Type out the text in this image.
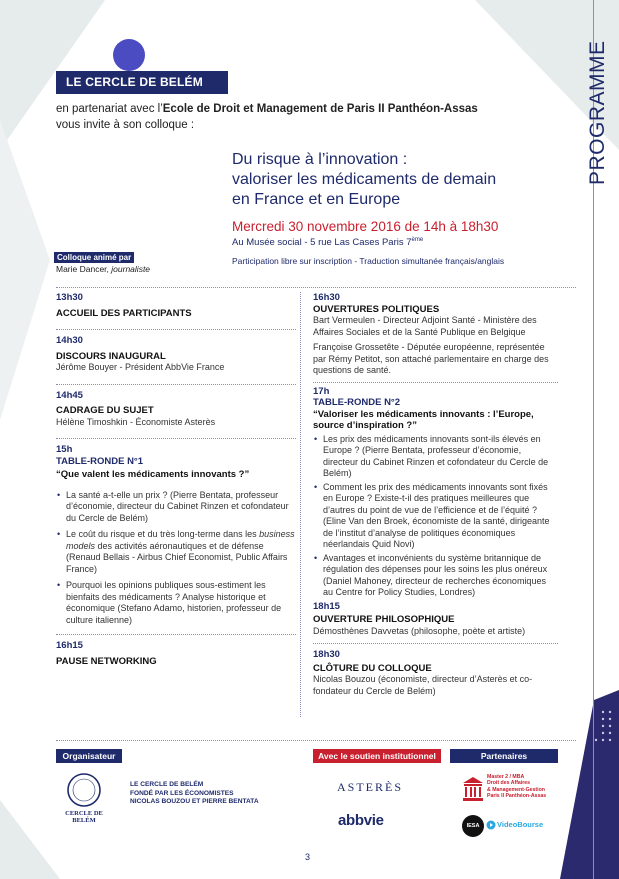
LE CERCLE DE BELÉM
en partenariat avec l’Ecole de Droit et Management de Paris II Panthéon-Assas
vous invite à son colloque :	PROGRAMME
Du risque à l’innovation :
valoriser les médicaments de demain
en France et en Europe
Mercredi 30 novembre 2016 de 14h à 18h30
Au Musée social - 5 rue Las Cases Paris 7ème
Participation libre sur inscription - Traduction simultanée français/anglais
Colloque animé par
Marie Dancer, journaliste
13h30
ACCUEIL DES PARTICIPANTS
14h30
DISCOURS INAUGURAL
Jérôme Bouyer - Président AbbVie France
14h45
CADRAGE DU SUJET
Hélène Timoshkin - Économiste Asterès
15h
TABLE-RONDE N°1
“Que valent les médicaments innovants ?”
• La santé a-t-elle un prix ? (Pierre Bentata, professeur d’économie, directeur du Cabinet Rinzen et cofondateur du Cercle de Belém)
• Le coût du risque et du très long-terme dans les business models des activités aéronautiques et de défense (Renaud Bellais - Airbus Chief Economist, Public Affairs France)
• Pourquoi les opinions publiques sous-estiment les bienfaits des médicaments ? Analyse historique et économique (Stefano Adamo, historien, professeur de culture italienne)
16h15
PAUSE NETWORKING
16h30
OUVERTURES POLITIQUES
Bart Vermeulen - Directeur Adjoint Santé - Ministère des Affaires Sociales et de la Santé Publique en Belgique
Françoise Grossetête - Députée européenne, représentée par Rémy Petitot, son attaché parlementaire en charge des questions de santé.
17h
TABLE-RONDE N°2
“Valoriser les médicaments innovants : l’Europe, source d’inspiration ?”
• Les prix des médicaments innovants sont-ils élevés en Europe ? (Pierre Bentata, professeur d’économie, directeur du Cabinet Rinzen et cofondateur du Cercle de Belém)
• Comment les prix des médicaments innovants sont fixés en Europe ? Existe-t-il des pratiques meilleures que d’autres du point de vue de l’efficience et de l’équité ? (Eline Van den Broek, économiste de la santé, dirigeante de l’institut d’analyse de politiques économiques néerlandais Quid Novi)
• Avantages et inconvénients du système britannique de régulation des dépenses pour les soins les plus onéreux (Daniel Mahoney, directeur de recherches économiques au Centre for Policy Studies, Londres)
18h15
OUVERTURE PHILOSOPHIQUE
Démosthènes Davvetas (philosophe, poète et artiste)
18h30
CLÔTURE DU COLLOQUE
Nicolas Bouzou (économiste, directeur d’Asterès et co-fondateur du Cercle de Belém)
Organisateur	Avec le soutien institutionnel	Partenaires
CERCLE DE BELÉM
LE CERCLE DE BELÉM
FONDÉ PAR LES ÉCONOMISTES
NICOLAS BOUZOU ET PIERRE BENTATA
ASTERÈS
abbvie
Master 2 / MBA
Droit des Affaires
& Management-Gestion
Paris II Panthéon-Assas
IESA	VideoBourse
3
